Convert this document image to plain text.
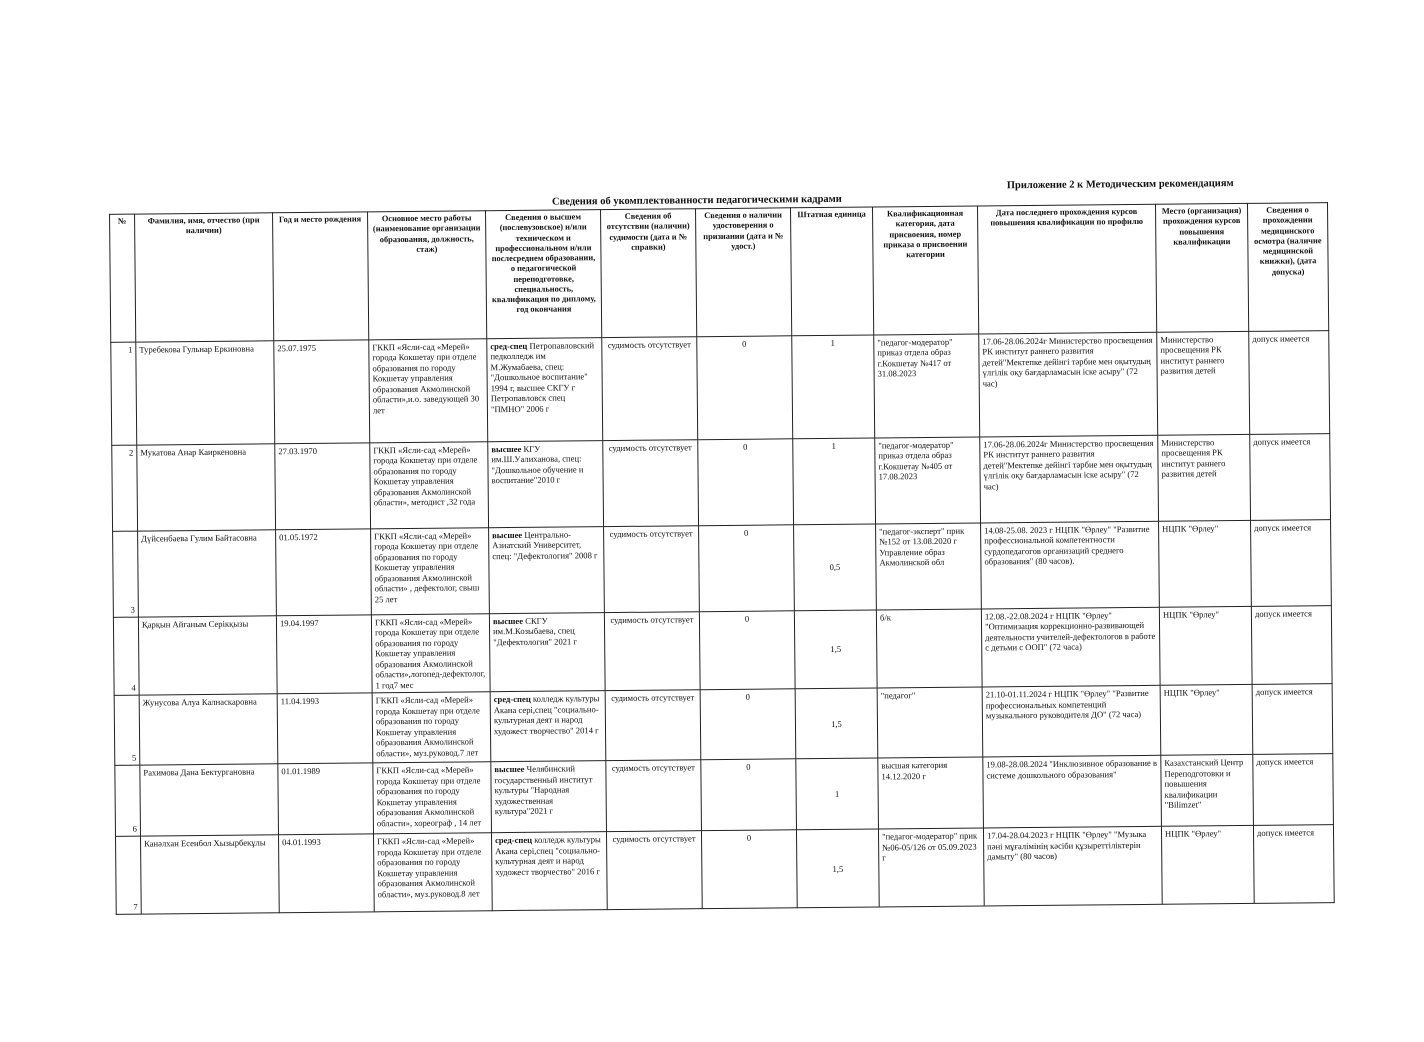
Приложение 2 к Методическим рекомендациям
Сведения об укомплектованности педагогическими кадрами
№	Фамилия, имя, отчество (при наличии)	Год и место рождения	Основное место работы (наименование организации образования, должность, стаж)	Сведения о высшем (послевузовское) н/или техническом и профессиональном н/или послесреднем образовании, о педагогической переподготовке, специальность, квалификация по диплому, год окончания	Сведения об отсутствии (наличии) судимости (дата и № справки)	Сведения о наличии удостоверения о признании (дата и № удост.)	Штатная единица	Квалификационная категория, дата присвоения, номер приказа о присвоении категории	Дата последнего прохождения курсов повышения квалификации по профилю	Место (организация) прохождения курсов повышения квалификации	Сведения о прохождении медицинского осмотра (наличие медицинской книжки), (дата допуска)
1	Туребекова Гульнар Еркиновна	25.07.1975	ГККП «Ясли-сад «Мерей» города Кокшетау при отделе образования по городу Кокшетау управления образования Акмолинской области»,и.о. заведующей 30 лет	сред-спец Петропавловский педколледж им М.Жумабаева, спец: "Дошкольное воспитание" 1994 г, высшее СКГУ г Петропавловск спец "ПМНО" 2006 г	судимость отсутствует	0	1	"педагог-модератор" приказ отдела образ г.Кокшетау №417 от 31.08.2023	17.06-28.06.2024г Министерство просвещения РК институт раннего развития детей"Мектепке дейінгі тәрбие мен оқытудың үлгілік оқу бағдарламасын іске асыру" (72 час)	Министерство просвещения РК институт раннего развития детей	допуск имеется
2	Мукатова Анар Каиркеновна	27.03.1970	ГККП «Ясли-сад «Мерей» города Кокшетау при отделе образования по городу Кокшетау управления образования Акмолинской области», методист ,32 года	высшее КГУ им.Ш.Уалиханова, спец: "Дошкольное обучение и воспитание"2010 г	судимость отсутствует	0	1	"педагог-модератор" приказ отдела образ г.Кокшетау №405 от 17.08.2023	17.06-28.06.2024г Министерство просвещения РК институт раннего развития детей"Мектепке дейінгі тәрбие мен оқытудың үлгілік оқу бағдарламасын іске асыру" (72 час)	Министерство просвещения РК институт раннего развития детей	допуск имеется
3	Дүйсенбаева Гулим Байтасовна	01.05.1972	ГККП «Ясли-сад «Мерей» города Кокшетау при отделе образования по городу Кокшетау управления образования Акмолинской области» , дефектолог, свыш 25 лет	высшее Центрально-Азиатский Университет, спец: "Дефектология" 2008 г	судимость отсутствует	0	0,5	"педагог-эксперт" прик №152 от 13.08.2020 г Управление образ Акмолинской обл	14.08-25.08. 2023 г НЦПК "Өрлеу" "Развитие профессиональной компетентности сурдопедагогов организаций среднего образования" (80 часов).	НЦПК "Өрлеу"	допуск имеется
4	Қарқын Айганым Серікқызы	19.04.1997	ГККП «Ясли-сад «Мерей» города Кокшетау при отделе образования по городу Кокшетау управления образования Акмолинской области»,логопед-дефектолог, 1 год7 мес	высшее СКГУ им.М.Козыбаева, спец "Дефектология" 2021 г	судимость отсутствует	0	1,5	б/к	12.08.-22.08.2024 г НЦПК "Өрлеу" "Оптимизация коррекционно-развивающей деятельности учителей-дефектологов в работе с детьми с ООП" (72 часа)	НЦПК "Өрлеу"	допуск имеется
5	Жунусова Алуа Калнаскаровна	11.04.1993	ГККП «Ясли-сад «Мерей» города Кокшетау при отделе образования по городу Кокшетау управления образования Акмолинской области», муз.руковод.7 лет	сред-спец колледж культуры Акана серi,спец "социально-культурная деят и народ художест творчество" 2014 г	судимость отсутствует	0	1,5	"педагог"	21.10-01.11.2024 г НЦПК "Өрлеу" "Развитие профессиональных компетенций музыкального руководителя ДО" (72 часа)	НЦПК "Өрлеу"	допуск имеется
6	Рахимова Дана Бектургановна	01.01.1989	ГККП «Ясли-сад «Мерей» города Кокшетау при отделе образования по городу Кокшетау управления образования Акмолинской области», хореограф , 14 лет	высшее Челябинский государственный институт культуры "Народная художественная культура"2021 г	судимость отсутствует	0	1	высшая категория 14.12.2020 г	19.08-28.08.2024 "Инклюзивное образование в системе дошкольного образования"	Казахстанский Центр Переподготовки и повышения квалификации "Bilimzet"	допуск имеется
7	Канәлхан Есенбол Хызырбекұлы	04.01.1993	ГККП «Ясли-сад «Мерей» города Кокшетау при отделе образования по городу Кокшетау управления образования Акмолинской области», муз.руковод.8 лет	сред-спец колледж культуры Акана серi,спец "социально-культурная деят и народ художест творчество" 2016 г	судимость отсутствует	0	1,5	"педагог-модератор" прик №06-05/126 от 05.09.2023 г	17.04-28.04.2023 г НЦПК "Өрлеу" "Музыка пәні мұғалімінің кәсіби құзыреттіліктерін дамыту" (80 часов)	НЦПК "Өрлеу"	допуск имеется
